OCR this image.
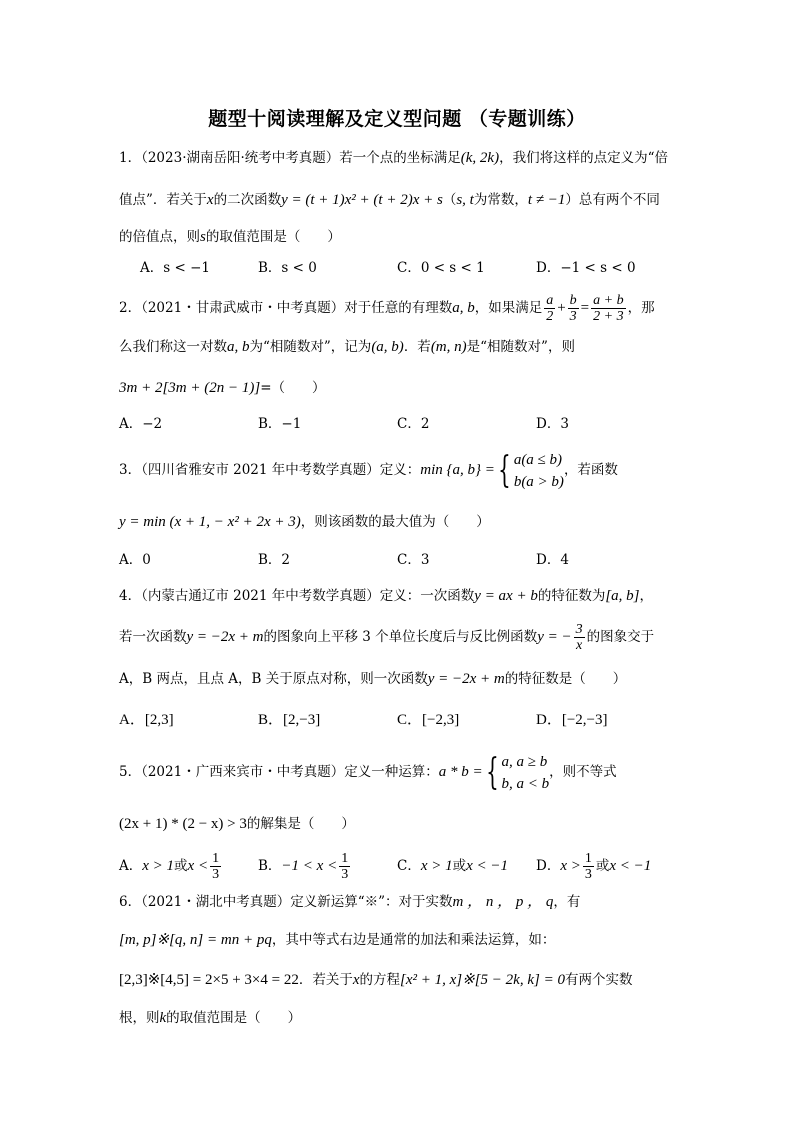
题型十阅读理解及定义型问题 （专题训练）
1．（2023·湖南岳阳·统考中考真题）若一个点的坐标满足(k, 2k)，我们将这样的点定义为“倍
值点”．若关于x的二次函数y = (t + 1)x² + (t + 2)x + s（s, t为常数，t ≠ −1）总有两个不同
的倍值点，则s的取值范围是（　　）
A．s < −1	B．s < 0	C．0 < s < 1	D．−1 < s < 0
2．（2021・甘肃武威市・中考真题）对于任意的有理数a, b，如果满足 $\frac{a}{2} + \frac{b}{3} = \frac{a + b}{2 + 3}$ ，那
么我们称这一对数a, b为“相随数对”，记为(a, b)．若(m, n)是“相随数对”，则
3m + 2[3m + (2n − 1)]=（　　）
A．−2	B．−1	C．2	D．3
3．（四川省雅安市 2021 年中考数学真题）定义：min {a, b} ={ a(a ≤ b)
b(a > b)
，若函数
y = min (x + 1, − x² + 2x + 3)，则该函数的最大值为（　　）
A．0	B．2	C．3	D．4
4．（内蒙古通辽市 2021 年中考数学真题）定义：一次函数y = ax + b的特征数为[a, b]，
若一次函数y = −2x + m的图象向上平移 3 个单位长度后与反比例函数y = − $\frac{3}{x}$ 的图象交于
A，B 两点，且点 A，B 关于原点对称，则一次函数y = −2x + m的特征数是（　　）
A．[2,3]	B．[2,−3]	C．[−2,3]	D．[−2,−3]
5．（2021・广西来宾市・中考真题）定义一种运算：a * b ={ a, a ≥ b
b, a < b
，则不等式
(2x + 1) * (2 − x) > 3的解集是（　　）
A．x > 1或$x < \frac{1}{3}$	B．$-1 < x < \frac{1}{3}$	C．x > 1或x < −1 D．$x > \frac{1}{3}$ 或x < −1
6．（2021・湖北中考真题）定义新运算“※”：对于实数m ， n ， p ， q，有
[m, p]※[q, n] = mn + pq，其中等式右边是通常的加法和乘法运算，如：
[2,3]※[4,5] = 2×5 + 3×4 = 22．若关于x的方程[x² + 1, x]※[5 − 2k, k] = 0有两个实数
根，则k的取值范围是（　　）
